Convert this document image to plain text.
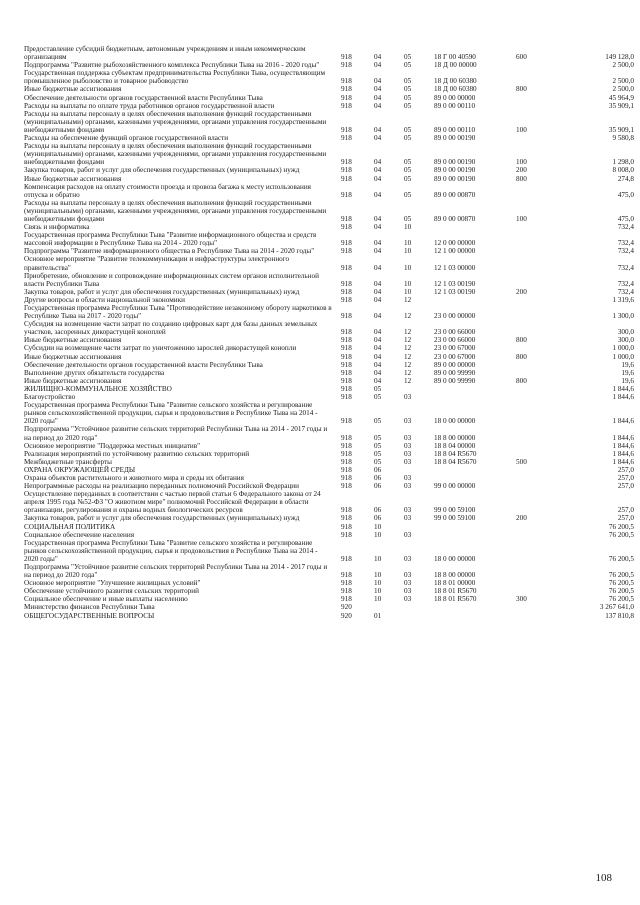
Предоставление субсидий бюджетным, автономным учреждениям и иным некоммерческим организациям	918	04	05	18 Г 00 40590	600	149 128,0
Подпрограмма "Развитие рыбохозяйственного комплекса Республики Тыва на 2016 - 2020 годы"	918	04	05	18 Д 00 00000	2 500,0
Государственная поддержка субъектам предпринимательства Республики Тыва, осуществляющим промышленное рыболовство и товарное рыбоводство	918	04	05	18 Д 00 60380	2 500,0
Иные бюджетные ассигнования	918	04	05	18 Д 00 60380	800	2 500,0
Обеспечение деятельности органов государственной власти Республики Тыва	918	04	05	89 0 00 00000	45 964,9
Расходы на выплаты по оплате труда работников органов государственной власти	918	04	05	89 0 00 00110	35 909,1
Расходы на выплаты персоналу в целях обеспечения выполнения функций государственными (муниципальными) органами, казенными учреждениями, органами управления государственными внебюджетными фондами	918	04	05	89 0 00 00110	100	35 909,1
Расходы на обеспечение функций органов государственной власти	918	04	05	89 0 00 00190	9 580,8
Расходы на выплаты персоналу в целях обеспечения выполнения функций государственными (муниципальными) органами, казенными учреждениями, органами управления государственными внебюджетными фондами	918	04	05	89 0 00 00190	100	1 298,0
Закупка товаров, работ и услуг для обеспечения государственных (муниципальных) нужд	918	04	05	89 0 00 00190	200	8 008,0
Иные бюджетные ассигнования	918	04	05	89 0 00 00190	800	274,8
Компенсация расходов на оплату стоимости проезда и провоза багажа к месту использования отпуска и обратно	918	04	05	89 0 00 00870	475,0
Расходы на выплаты персоналу в целях обеспечения выполнения функций государственными (муниципальными) органами, казенными учреждениями, органами управления государственными внебюджетными фондами	918	04	05	89 0 00 00870	100	475,0
Связь и информатика	918	04	10	732,4
Государственная программа Республики Тыва "Развитие информационного общества и средств массовой информации в Республике Тыва на 2014 - 2020 годы"	918	04	10	12 0 00 00000	732,4
Подпрограмма "Развитие информационного общества в Республике Тыва на 2014 - 2020 годы"	918	04	10	12 1 00 00000	732,4
Основное мероприятие "Развитие телекоммуникации и инфраструктуры электронного правительства"	918	04	10	12 1 03 00000	732,4
Приобретение, обновление и сопровождение информационных систем органов исполнительной власти Республики Тыва	918	04	10	12 1 03 00190	732,4
Закупка товаров, работ и услуг для обеспечения государственных (муниципальных) нужд	918	04	10	12 1 03 00190	200	732,4
Другие вопросы в области национальной экономики	918	04	12	1 319,6
Государственная программа Республики Тыва "Противодействие незаконному обороту наркотиков в Республике Тыва на 2017 - 2020 годы"	918	04	12	23 0 00 00000	1 300,0
Субсидия на возмещение части затрат по созданию цифровых карт для базы данных земельных участков, засоренных дикорастущей коноплей	918	04	12	23 0 00 66000	300,0
Иные бюджетные ассигнования	918	04	12	23 0 00 66000	800	300,0
Субсидии на возмещение части затрат по уничтожению зарослей дикорастущей конопли	918	04	12	23 0 00 67000	1 000,0
Иные бюджетные ассигнования	918	04	12	23 0 00 67000	800	1 000,0
Обеспечение деятельности органов государственной власти Республики Тыва	918	04	12	89 0 00 00000	19,6
Выполнение других обязательств государства	918	04	12	89 0 00 99990	19,6
Иные бюджетные ассигнования	918	04	12	89 0 00 99990	800	19,6
ЖИЛИЩНО-КОММУНАЛЬНОЕ ХОЗЯЙСТВО	918	05	1 844,6
Благоустройство	918	05	03	1 844,6
Государственная программа Республики Тыва "Развитие сельского хозяйства и регулирование рынков сельскохозяйственной продукции, сырья и продовольствия в Республике Тыва на 2014 - 2020 годы"	918	05	03	18 0 00 00000	1 844,6
Подпрограмма "Устойчивое развитие сельских территорий Республики Тыва на 2014 - 2017 годы и на период до 2020 года"	918	05	03	18 8 00 00000	1 844,6
Основное мероприятие "Поддержка местных инициатив"	918	05	03	18 8 04 00000	1 844,6
Реализация мероприятий по устойчивому развитию сельских территорий	918	05	03	18 8 04 R5670	1 844,6
Межбюджетные трансферты	918	05	03	18 8 04 R5670	500	1 844,6
ОХРАНА ОКРУЖАЮЩЕЙ СРЕДЫ	918	06	257,0
Охрана объектов растительного и животного мира и среды их обитания	918	06	03	257,0
Непрограммные расходы на реализацию переданных полномочий Российской Федерации	918	06	03	99 0 00 00000	257,0
Осуществление переданных в соответствии с частью первой статьи 6 Федерального закона от 24 апреля 1995 года №52-ФЗ "О животном мире" полномочий Российской Федерации в области организации, регулирования и охраны водных биологических ресурсов	918	06	03	99 0 00 59100	257,0
Закупка товаров, работ и услуг для обеспечения государственных (муниципальных) нужд	918	06	03	99 0 00 59100	200	257,0
СОЦИАЛЬНАЯ ПОЛИТИКА	918	10	76 200,5
Социальное обеспечение населения	918	10	03	76 200,5
Государственная программа Республики Тыва "Развитие сельского хозяйства и регулирование рынков сельскохозяйственной продукции, сырья и продовольствия в Республике Тыва на 2014 - 2020 годы"	918	10	03	18 0 00 00000	76 200,5
Подпрограмма "Устойчивое развитие сельских территорий Республики Тыва на 2014 - 2017 годы и на период до 2020 года"	918	10	03	18 8 00 00000	76 200,5
Основное мероприятие "Улучшение жилищных условий"	918	10	03	18 8 01 00000	76 200,5
Обеспечение устойчивого развития сельских территорий	918	10	03	18 8 01 R5670	76 200,5
Социальное обеспечение и иные выплаты населению	918	10	03	18 8 01 R5670	300	76 200,5
Министерство финансов Республики Тыва	920	3 267 641,0
ОБЩЕГОСУДАРСТВЕННЫЕ ВОПРОСЫ	920	01	137 810,8
108
